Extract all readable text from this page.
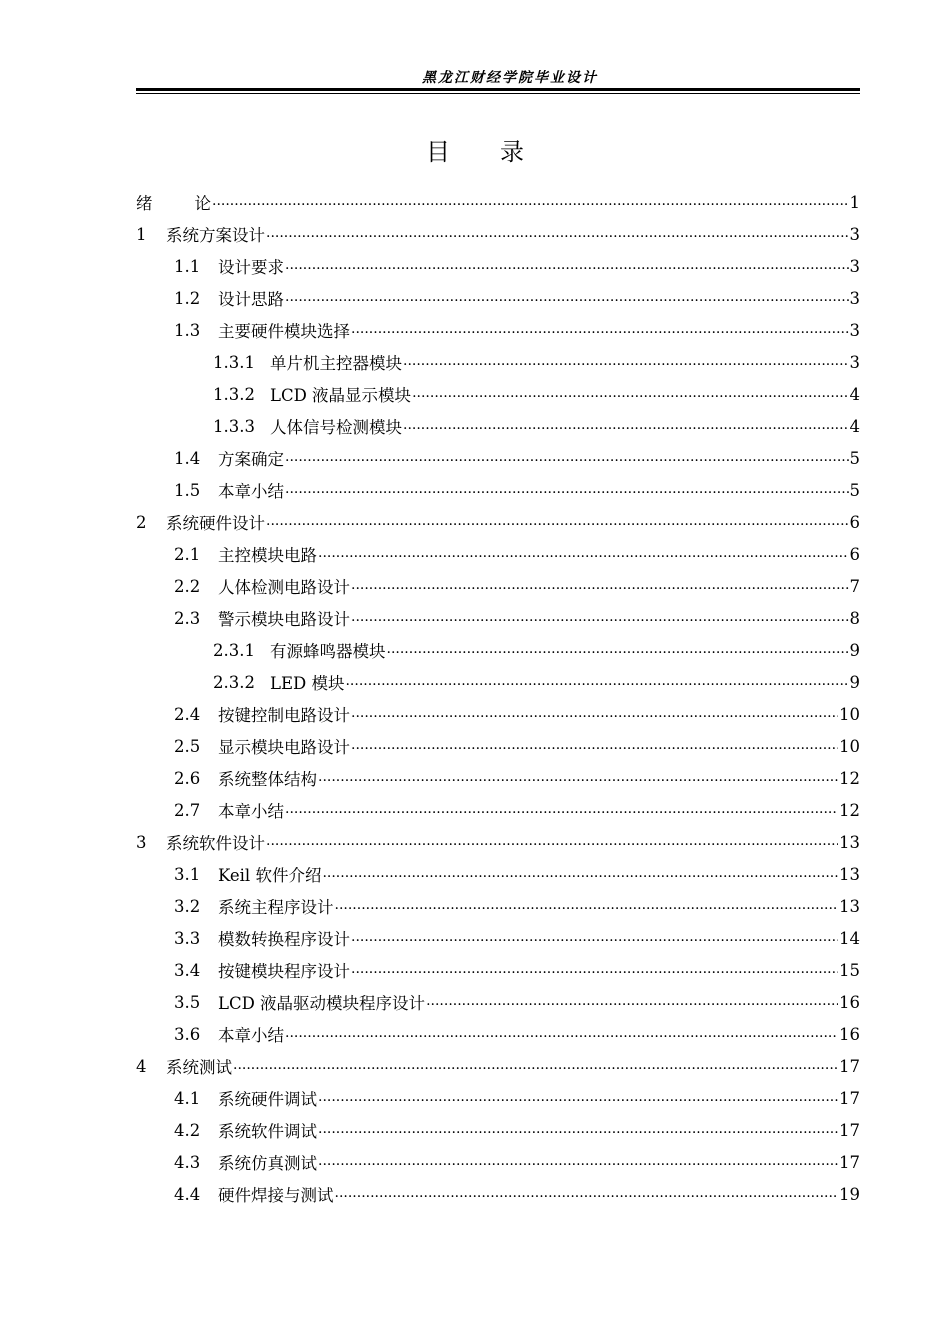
黑龙江财经学院毕业设计
目 录
绪	论 .....	1
1	系统方案设计 .....	3
1.1	设计要求 .....	3
1.2	设计思路 .....	3
1.3	主要硬件模块选择 .....	3
1.3.1 单片机主控器模块 .....	3
1.3.2 LCD 液晶显示模块 .....	4
1.3.3 人体信号检测模块 .....	4
1.4	方案确定 .....	5
1.5	本章小结 .....	5
2	系统硬件设计 .....	6
2.1	主控模块电路 .....	6
2.2	人体检测电路设计 .....	7
2.3	警示模块电路设计 .....	8
2.3.1 有源蜂鸣器模块 .....	9
2.3.2 LED 模块 .....	9
2.4	按键控制电路设计 .....	10
2.5	显示模块电路设计 .....	10
2.6	系统整体结构 .....	12
2.7	本章小结 .....	12
3	系统软件设计 .....	13
3.1	Keil 软件介绍 .....	13
3.2	系统主程序设计 .....	13
3.3	模数转换程序设计 .....	14
3.4	按键模块程序设计 .....	15
3.5	LCD 液晶驱动模块程序设计 .....	16
3.6	本章小结 .....	16
4	系统测试 .....	17
4.1	系统硬件调试 .....	17
4.2	系统软件调试 .....	17
4.3	系统仿真测试 .....	17
4.4	硬件焊接与测试 .....	19
